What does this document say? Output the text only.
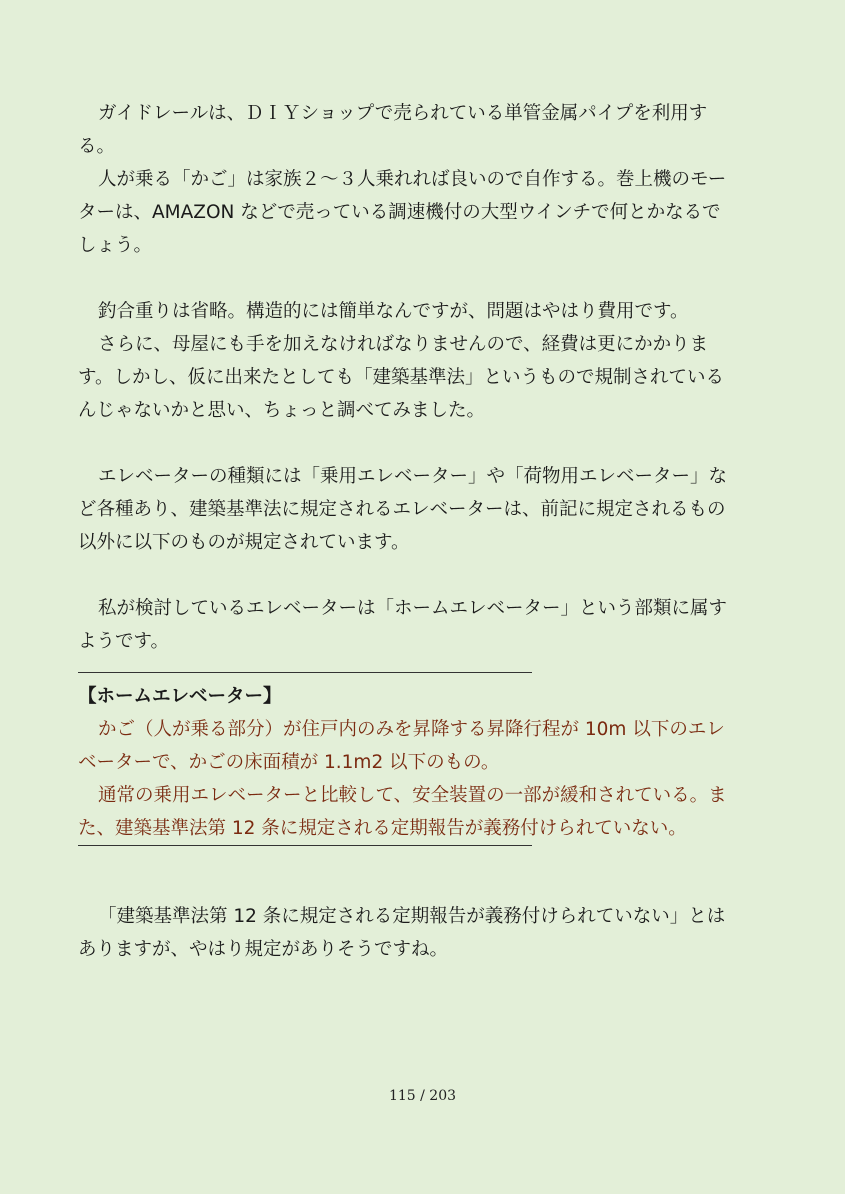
ガイドレールは、ＤＩＹショップで売られている単管金属パイプを利用する。

人が乗る「かご」は家族２～３人乗れれば良いので自作する。巻上機のモーターは、AMAZON などで売っている調速機付の大型ウインチで何とかなるでしょう。

釣合重りは省略。構造的には簡単なんですが、問題はやはり費用です。

さらに、母屋にも手を加えなければなりませんので、経費は更にかかります。しかし、仮に出来たとしても「建築基準法」というもので規制されているんじゃないかと思い、ちょっと調べてみました。

エレベーターの種類には「乗用エレベーター」や「荷物用エレベーター」など各種あり、建築基準法に規定されるエレベーターは、前記に規定されるもの以外に以下のものが規定されています。

私が検討しているエレベーターは「ホームエレベーター」という部類に属すようです。

【ホームエレベーター】

かご（人が乗る部分）が住戸内のみを昇降する昇降行程が 10m 以下のエレベーターで、かごの床面積が 1.1m2 以下のもの。

通常の乗用エレベーターと比較して、安全装置の一部が緩和されている。また、建築基準法第 12 条に規定される定期報告が義務付けられていない。

「建築基準法第 12 条に規定される定期報告が義務付けられていない」とはありますが、やはり規定がありそうですね。

115 / 203
